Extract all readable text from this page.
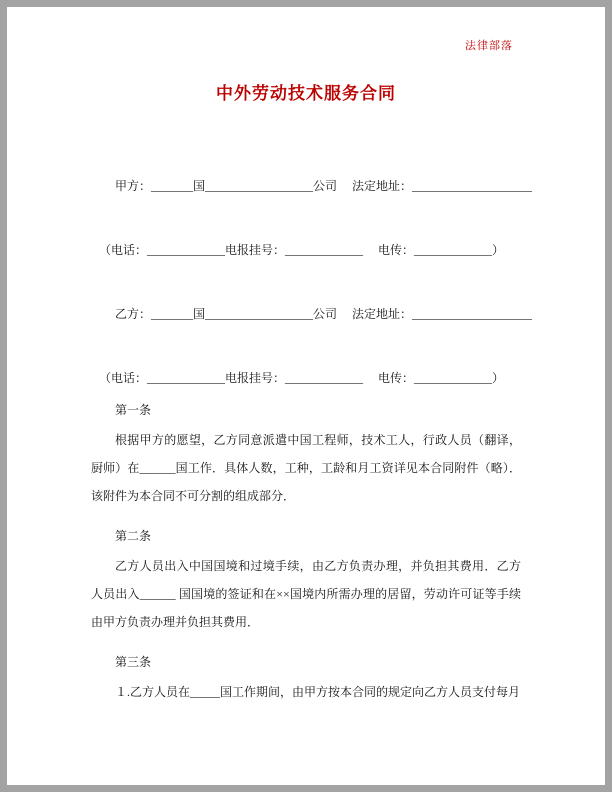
法律部落
中外劳动技术服务合同

甲方：_______国__________________公司　 法定地址：____________________

（电话：_____________电报挂号：_____________　 电传：_____________）

乙方：_______国__________________公司　 法定地址：____________________

（电话：_____________电报挂号：_____________　 电传：_____________）

第一条

根据甲方的愿望，乙方同意派遣中国工程师，技术工人，行政人员（翻译，厨师）在______国工作．具体人数，工种，工龄和月工资详见本合同附件（略）．该附件为本合同不可分割的组成部分．

第二条

乙方人员出入中国国境和过境手续，由乙方负责办理，并负担其费用．乙方人员出入______ 国国境的签证和在××国境内所需办理的居留，劳动许可证等手续由甲方负责办理并负担其费用．

第三条

１.乙方人员在_____国工作期间，由甲方按本合同的规定向乙方人员支付每月
